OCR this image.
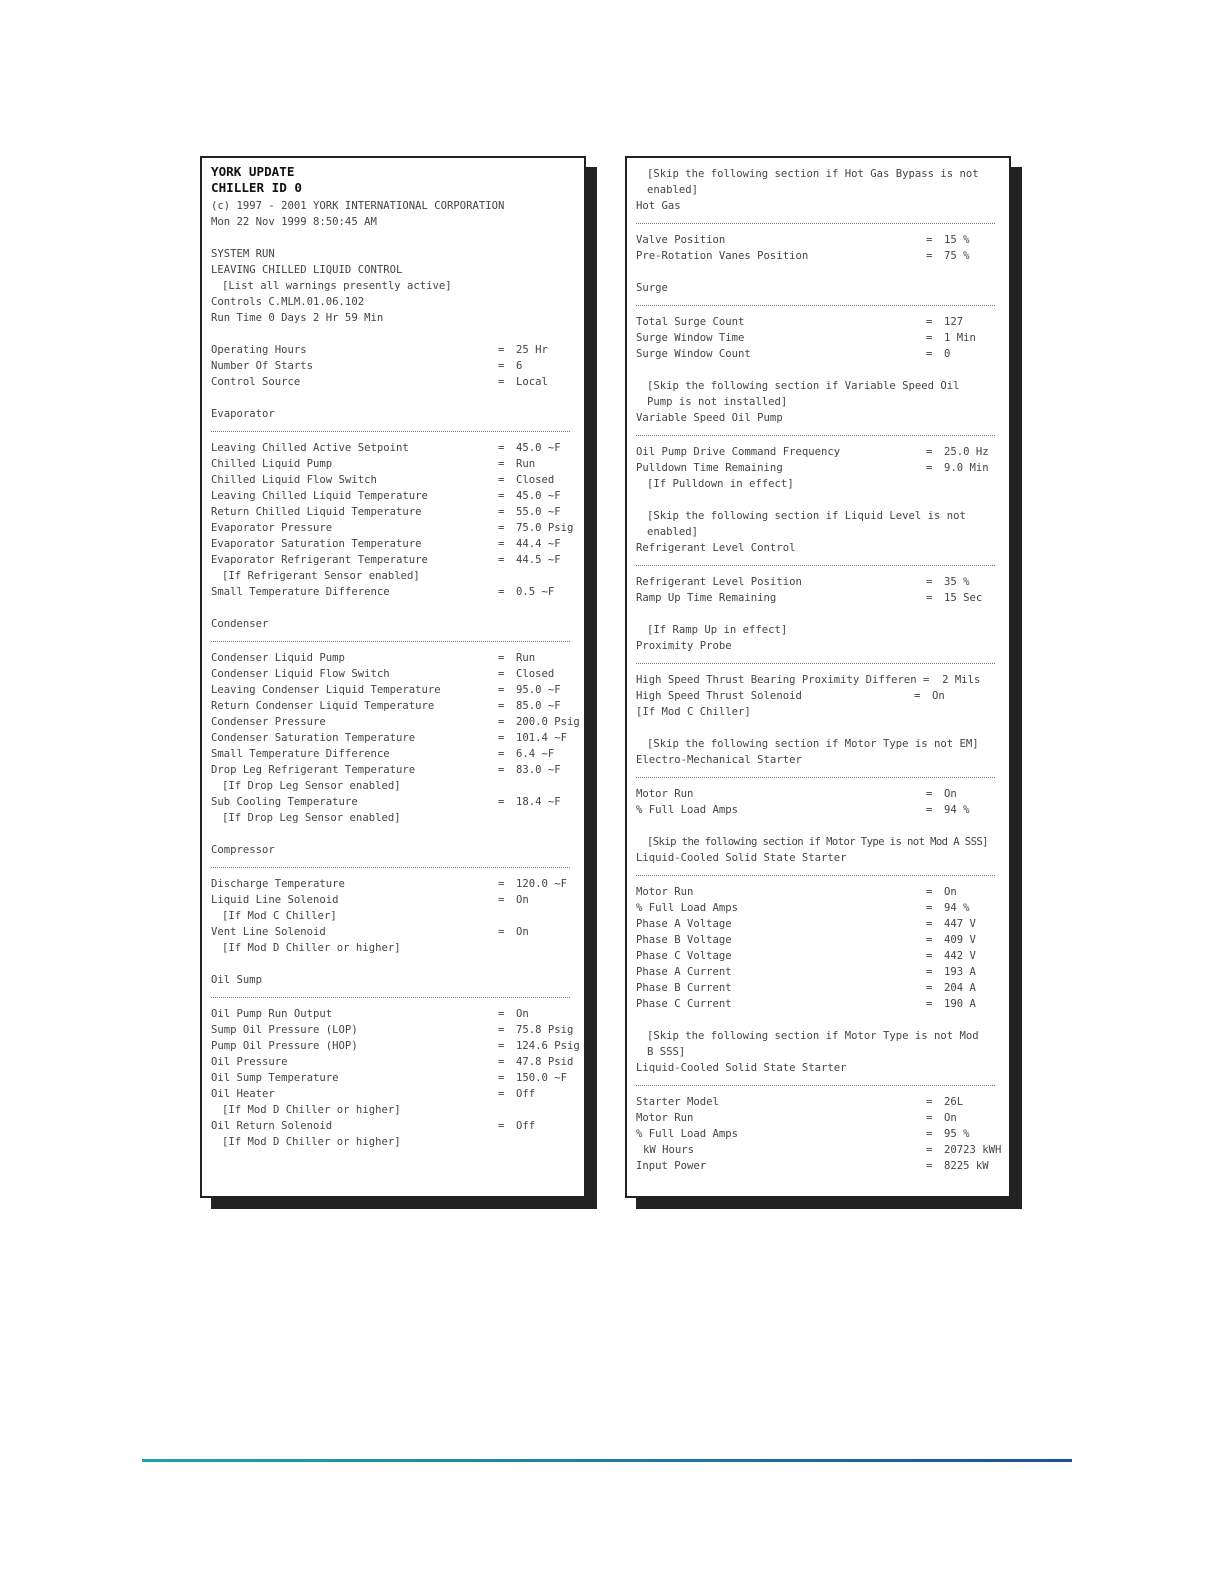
YORK UPDATE
CHILLER ID 0
(c) 1997 - 2001 YORK INTERNATIONAL CORPORATION
Mon 22 Nov 1999 8:50:45 AM
SYSTEM RUN
LEAVING CHILLED LIQUID CONTROL
[List all warnings presently active]
Controls C.MLM.01.06.102
Run Time 0 Days 2 Hr 59 Min
Operating Hours	= 25 Hr
Number Of Starts	= 6
Control Source	= Local
Evaporator
Leaving Chilled Active Setpoint	= 45.0 ~F
Chilled Liquid Pump	= Run
Chilled Liquid Flow Switch	= Closed
Leaving Chilled Liquid Temperature	= 45.0 ~F
Return Chilled Liquid Temperature	= 55.0 ~F
Evaporator Pressure	= 75.0 Psig
Evaporator Saturation Temperature	= 44.4 ~F
Evaporator Refrigerant Temperature	= 44.5 ~F
[If Refrigerant Sensor enabled]
Small Temperature Difference	= 0.5 ~F
Condenser
Condenser Liquid Pump	= Run
Condenser Liquid Flow Switch	= Closed
Leaving Condenser Liquid Temperature	= 95.0 ~F
Return Condenser Liquid Temperature	= 85.0 ~F
Condenser Pressure	= 200.0 Psig
Condenser Saturation Temperature	= 101.4 ~F
Small Temperature Difference	= 6.4 ~F
Drop Leg Refrigerant Temperature	= 83.0 ~F
[If Drop Leg Sensor enabled]
Sub Cooling Temperature	= 18.4 ~F
[If Drop Leg Sensor enabled]
Compressor
Discharge Temperature	= 120.0 ~F
Liquid Line Solenoid	= On
[If Mod C Chiller]
Vent Line Solenoid	= On
[If Mod D Chiller or higher]
Oil Sump
Oil Pump Run Output	= On
Sump Oil Pressure (LOP)	= 75.8 Psig
Pump Oil Pressure (HOP)	= 124.6 Psig
Oil Pressure	= 47.8 Psid
Oil Sump Temperature	= 150.0 ~F
Oil Heater	= Off
[If Mod D Chiller or higher]
Oil Return Solenoid	= Off
[If Mod D Chiller or higher]
[Skip the following section if Hot Gas Bypass is not
enabled]
Hot Gas
Valve Position	= 15 %
Pre-Rotation Vanes Position	= 75 %
Surge
Total Surge Count	= 127
Surge Window Time	= 1 Min
Surge Window Count	= 0
[Skip the following section if Variable Speed Oil
Pump is not installed]
Variable Speed Oil Pump
Oil Pump Drive Command Frequency	= 25.0 Hz
Pulldown Time Remaining	= 9.0 Min
[If Pulldown in effect]
[Skip the following section if Liquid Level is not
enabled]
Refrigerant Level Control
Refrigerant Level Position	= 35 %
Ramp Up Time Remaining	= 15 Sec
[If Ramp Up in effect]
Proximity Probe
High Speed Thrust Bearing Proximity Differen =  2 Mils
High Speed Thrust Solenoid	= On
[If Mod C Chiller]
[Skip the following section if Motor Type is not EM]
Electro-Mechanical Starter
Motor Run	= On
% Full Load Amps	= 94 %
[Skip the following section if Motor Type is not Mod A SSS]
Liquid-Cooled Solid State Starter
Motor Run	= On
% Full Load Amps	= 94 %
Phase A Voltage	= 447 V
Phase B Voltage	= 409 V
Phase C Voltage	= 442 V
Phase A Current	= 193 A
Phase B Current	= 204 A
Phase C Current	= 190 A
[Skip the following section if Motor Type is not Mod
B SSS]
Liquid-Cooled Solid State Starter
Starter Model	= 26L
Motor Run	= On
% Full Load Amps	= 95 %
kW Hours	= 20723 kWH
Input Power	= 8225 kW
